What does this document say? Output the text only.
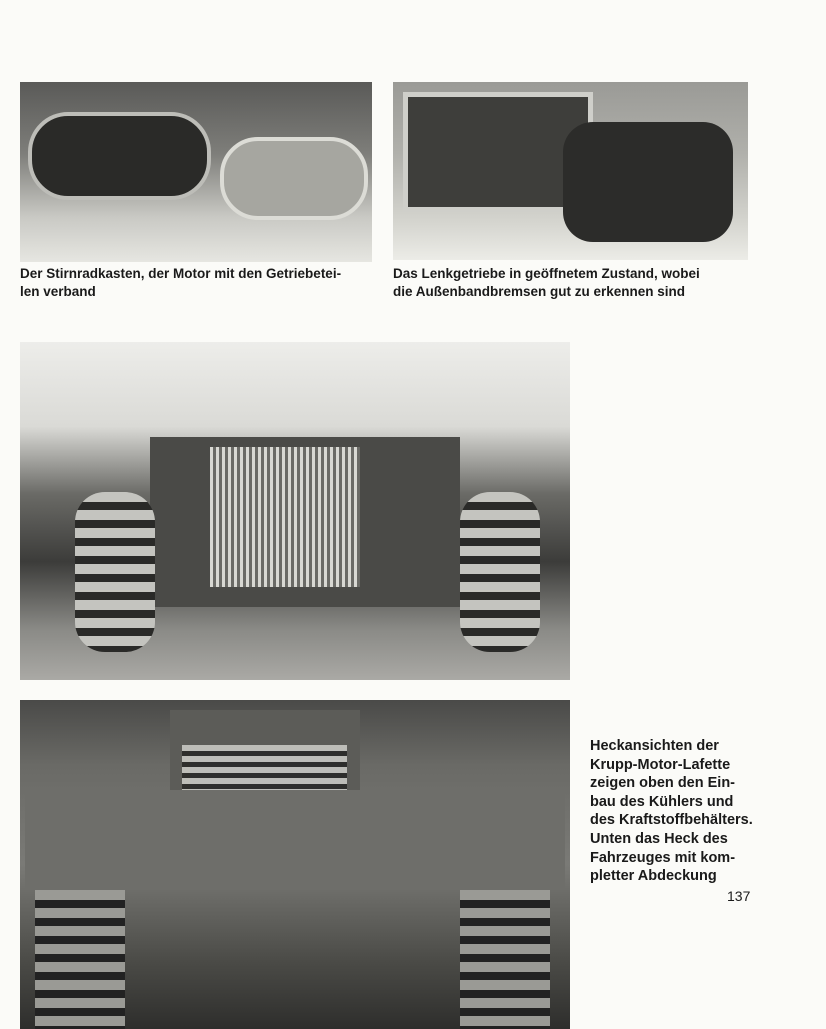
Der Stirnradkasten, der Motor mit den Getriebetei-
len verband
Das Lenkgetriebe in geöffnetem Zustand, wobei
die Außenbandbremsen gut zu erkennen sind
Heckansichten der
Krupp-Motor-Lafette
zeigen oben den Ein-
bau des Kühlers und
des Kraftstoffbehälters.
Unten das Heck des
Fahrzeuges mit kom-
pletter Abdeckung
137
